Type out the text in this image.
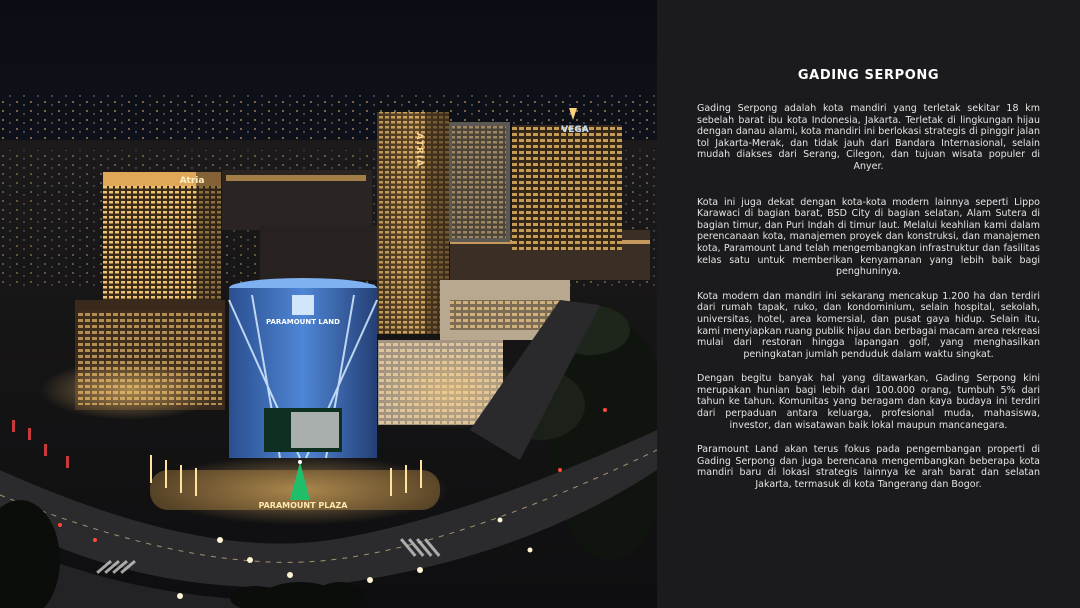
VEGA
ATRIA
Atria
PARAMOUNT LAND
PARAMOUNT PLAZA
GADING SERPONG

Gading Serpong adalah kota mandiri yang terletak sekitar 18 km sebelah barat ibu kota Indonesia, Jakarta. Terletak di lingkungan hijau dengan danau alami, kota mandiri ini berlokasi strategis di pinggir jalan tol Jakarta-Merak, dan tidak jauh dari Bandara Internasional, selain mudah diakses dari Serang, Cilegon, dan tujuan wisata populer di Anyer.

Kota ini juga dekat dengan kota-kota modern lainnya seperti Lippo Karawaci di bagian barat, BSD City di bagian selatan, Alam Sutera di bagian timur, dan Puri Indah di timur laut. Melalui keahlian kami dalam perencanaan kota, manajemen proyek dan konstruksi, dan manajemen kota, Paramount Land telah mengembangkan infrastruktur dan fasilitas kelas satu untuk memberikan kenyamanan yang lebih baik bagi penghuninya.

Kota modern dan mandiri ini sekarang mencakup 1.200 ha dan terdiri dari rumah tapak, ruko, dan kondominium, selain hospital, sekolah, universitas, hotel, area komersial, dan pusat gaya hidup. Selain itu, kami menyiapkan ruang publik hijau dan berbagai macam area rekreasi mulai dari restoran hingga lapangan golf, yang menghasilkan peningkatan jumlah penduduk dalam waktu singkat.

Dengan begitu banyak hal yang ditawarkan, Gading Serpong kini merupakan hunian bagi lebih dari 100.000 orang, tumbuh 5% dari tahun ke tahun. Komunitas yang beragam dan kaya budaya ini terdiri dari perpaduan antara keluarga, profesional muda, mahasiswa, investor, dan wisatawan baik lokal maupun mancanegara.

Paramount Land akan terus fokus pada pengembangan properti di Gading Serpong dan juga berencana mengembangkan beberapa kota mandiri baru di lokasi strategis lainnya ke arah barat dan selatan Jakarta, termasuk di kota Tangerang dan Bogor.
